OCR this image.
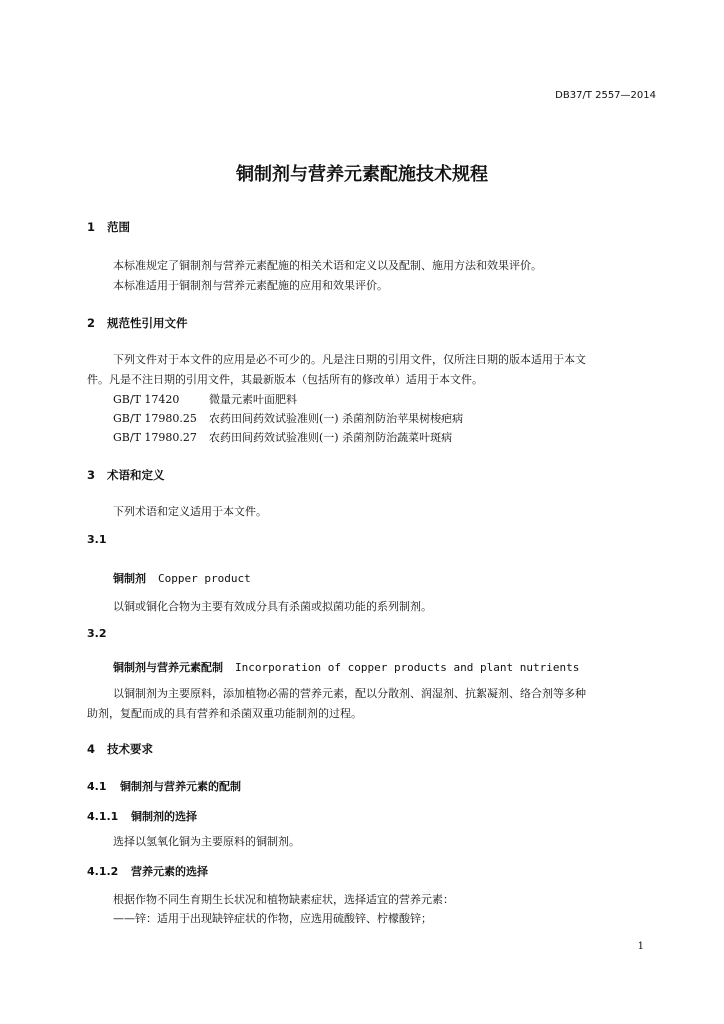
DB37/T 2557—2014
铜制剂与营养元素配施技术规程
1 范围
本标准规定了铜制剂与营养元素配施的相关术语和定义以及配制、施用方法和效果评价。
本标准适用于铜制剂与营养元素配施的应用和效果评价。
2 规范性引用文件
下列文件对于本文件的应用是必不可少的。凡是注日期的引用文件，仅所注日期的版本适用于本文
件。凡是不注日期的引用文件，其最新版本（包括所有的修改单）适用于本文件。
GB/T 17420	微量元素叶面肥料
GB/T 17980.25 农药田间药效试验准则(一) 杀菌剂防治苹果树梭疤病
GB/T 17980.27 农药田间药效试验准则(一) 杀菌剂防治蔬菜叶斑病
3 术语和定义
下列术语和定义适用于本文件。
3.1
铜制剂 Copper product
以铜或铜化合物为主要有效成分具有杀菌或拟菌功能的系列制剂。
3.2
铜制剂与营养元素配制 Incorporation of copper products and plant nutrients
以铜制剂为主要原料，添加植物必需的营养元素，配以分散剂、润湿剂、抗絮凝剂、络合剂等多种
助剂，复配而成的具有营养和杀菌双重功能制剂的过程。
4 技术要求
4.1 铜制剂与营养元素的配制
4.1.1 铜制剂的选择
选择以氢氧化铜为主要原料的铜制剂。
4.1.2 营养元素的选择
根据作物不同生育期生长状况和植物缺素症状，选择适宜的营养元素：
——锌：适用于出现缺锌症状的作物，应选用硫酸锌、柠檬酸锌；
1
